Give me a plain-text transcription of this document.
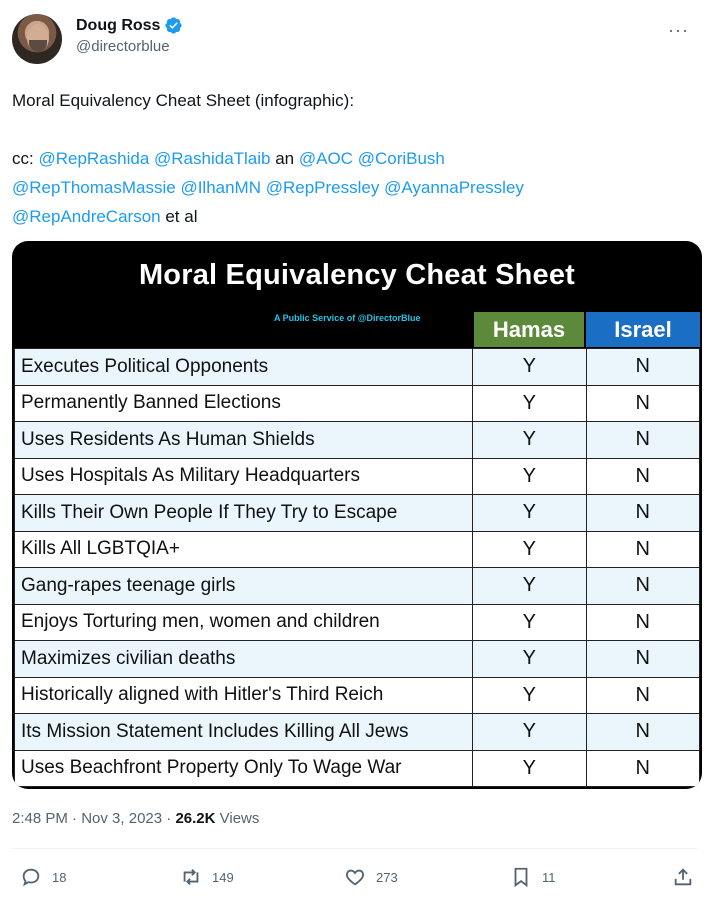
Doug Ross
@directorblue
···
Moral Equivalency Cheat Sheet (infographic):
cc: @RepRashida @RashidaTlaib an @AOC @CoriBush
@RepThomasMassie @IlhanMN @RepPressley @AyannaPressley
@RepAndreCarson et al
Moral Equivalency Cheat Sheet
A Public Service of @DirectorBlue	Hamas	Israel
Executes Political Opponents	Y	N
Permanently Banned Elections	Y	N
Uses Residents As Human Shields	Y	N
Uses Hospitals As Military Headquarters	Y	N
Kills Their Own People If They Try to Escape	Y	N
Kills All LGBTQIA+	Y	N
Gang-rapes teenage girls	Y	N
Enjoys Torturing men, women and children	Y	N
Maximizes civilian deaths	Y	N
Historically aligned with Hitler's Third Reich	Y	N
Its Mission Statement Includes Killing All Jews	Y	N
Uses Beachfront Property Only To Wage War	Y	N
2:48 PM · Nov 3, 2023 · 26.2K Views
18	149	273	11
